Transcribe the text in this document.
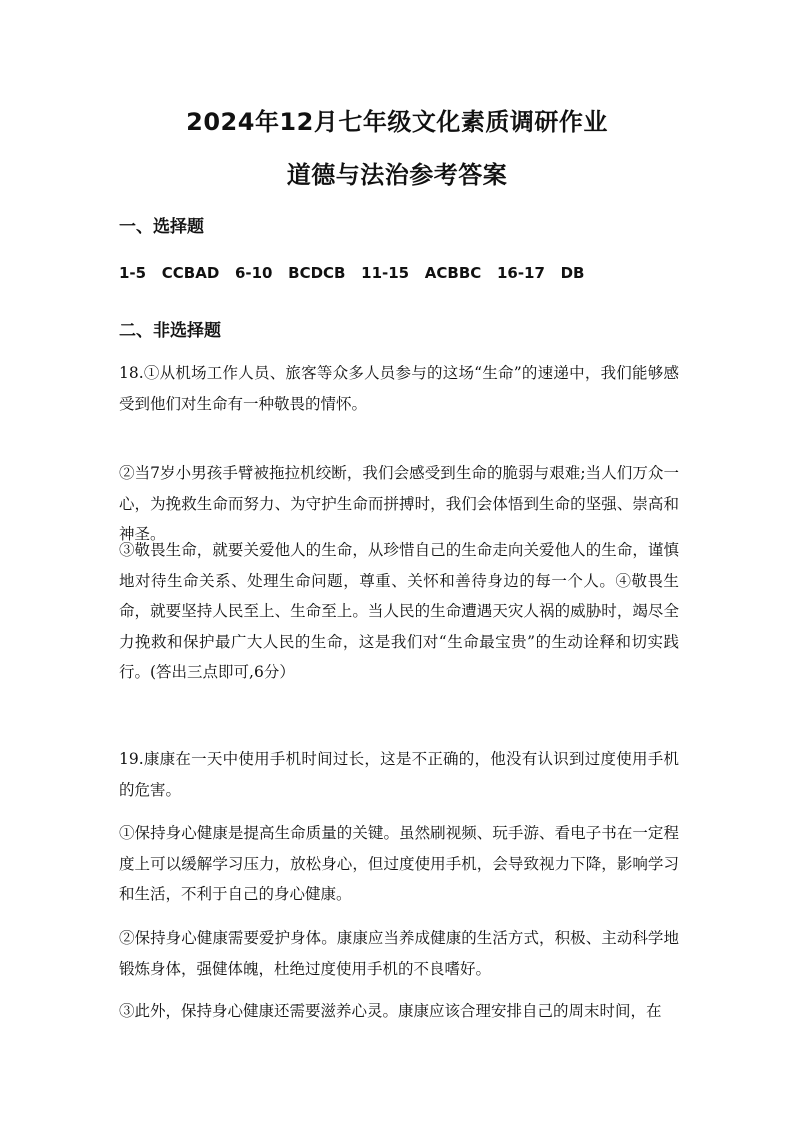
2024年12月七年级文化素质调研作业
道德与法治参考答案
一、选择题
1-5   CCBAD   6-10   BCDCB   11-15   ACBBC   16-17   DB
二、非选择题
18.①从机场工作人员、旅客等众多人员参与的这场“生命”的速递中，我们能够感受到他们对生命有一种敬畏的情怀。
②当7岁小男孩手臂被拖拉机绞断，我们会感受到生命的脆弱与艰难;当人们万众一心，为挽救生命而努力、为守护生命而拼搏时，我们会体悟到生命的坚强、崇高和神圣。
③敬畏生命，就要关爱他人的生命，从珍惜自己的生命走向关爱他人的生命，谨慎地对待生命关系、处理生命问题，尊重、关怀和善待身边的每一个人。④敬畏生命，就要坚持人民至上、生命至上。当人民的生命遭遇天灾人祸的威胁时，竭尽全力挽救和保护最广大人民的生命，这是我们对“生命最宝贵”的生动诠释和切实践行。(答出三点即可,6分）
19.康康在一天中使用手机时间过长，这是不正确的，他没有认识到过度使用手机的危害。
①保持身心健康是提高生命质量的关键。虽然刷视频、玩手游、看电子书在一定程度上可以缓解学习压力，放松身心，但过度使用手机，会导致视力下降，影响学习和生活，不利于自己的身心健康。
②保持身心健康需要爱护身体。康康应当养成健康的生活方式，积极、主动科学地锻炼身体，强健体魄，杜绝过度使用手机的不良嗜好。
③此外，保持身心健康还需要滋养心灵。康康应该合理安排自己的周末时间，在
